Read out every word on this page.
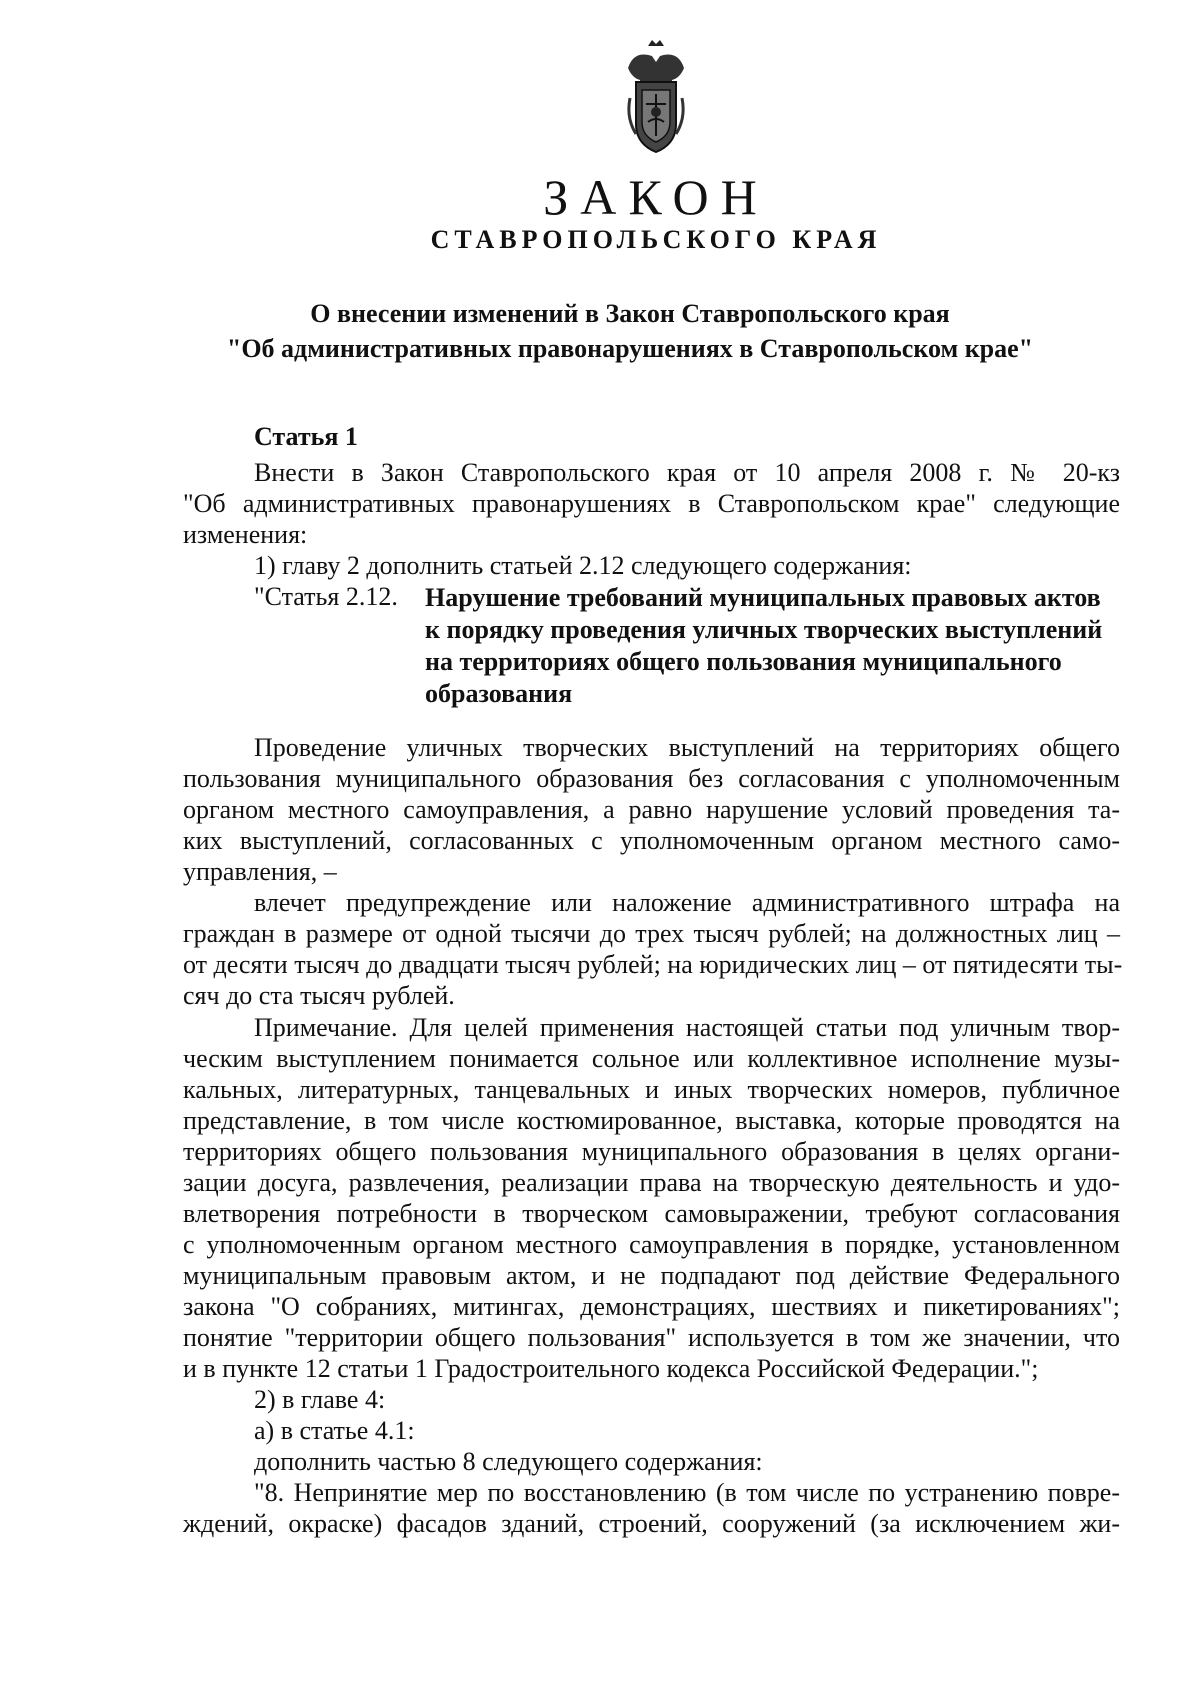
ЗАКОН
СТАВРОПОЛЬСКОГО КРАЯ
О внесении изменений в Закон Ставропольского края
"Об административных правонарушениях в Ставропольском крае"
Статья 1
Внести в Закон Ставропольского края от 10 апреля 2008 г. № 20-кз
"Об административных правонарушениях в Ставропольском крае" следующие
изменения:
1) главу 2 дополнить статьей 2.12 следующего содержания:
"Статья 2.12. Нарушение требований муниципальных правовых актов
к порядку проведения уличных творческих выступлений
на территориях общего пользования муниципального
образования
Проведение уличных творческих выступлений на территориях общего
пользования муниципального образования без согласования с уполномоченным
органом местного самоуправления, а равно нарушение условий проведения та-
ких выступлений, согласованных с уполномоченным органом местного само-
управления, –
влечет предупреждение или наложение административного штрафа на
граждан в размере от одной тысячи до трех тысяч рублей; на должностных лиц –
от десяти тысяч до двадцати тысяч рублей; на юридических лиц – от пятидесяти ты-
сяч до ста тысяч рублей.
Примечание. Для целей применения настоящей статьи под уличным твор-
ческим выступлением понимается сольное или коллективное исполнение музы-
кальных, литературных, танцевальных и иных творческих номеров, публичное
представление, в том числе костюмированное, выставка, которые проводятся на
территориях общего пользования муниципального образования в целях органи-
зации досуга, развлечения, реализации права на творческую деятельность и удо-
влетворения потребности в творческом самовыражении, требуют согласования
с уполномоченным органом местного самоуправления в порядке, установленном
муниципальным правовым актом, и не подпадают под действие Федерального
закона "О собраниях, митингах, демонстрациях, шествиях и пикетированиях";
понятие "территории общего пользования" используется в том же значении, что
и в пункте 12 статьи 1 Градостроительного кодекса Российской Федерации.";
2) в главе 4:
а) в статье 4.1:
дополнить частью 8 следующего содержания:
"8. Непринятие мер по восстановлению (в том числе по устранению повре-
ждений, окраске) фасадов зданий, строений, сооружений (за исключением жи-
